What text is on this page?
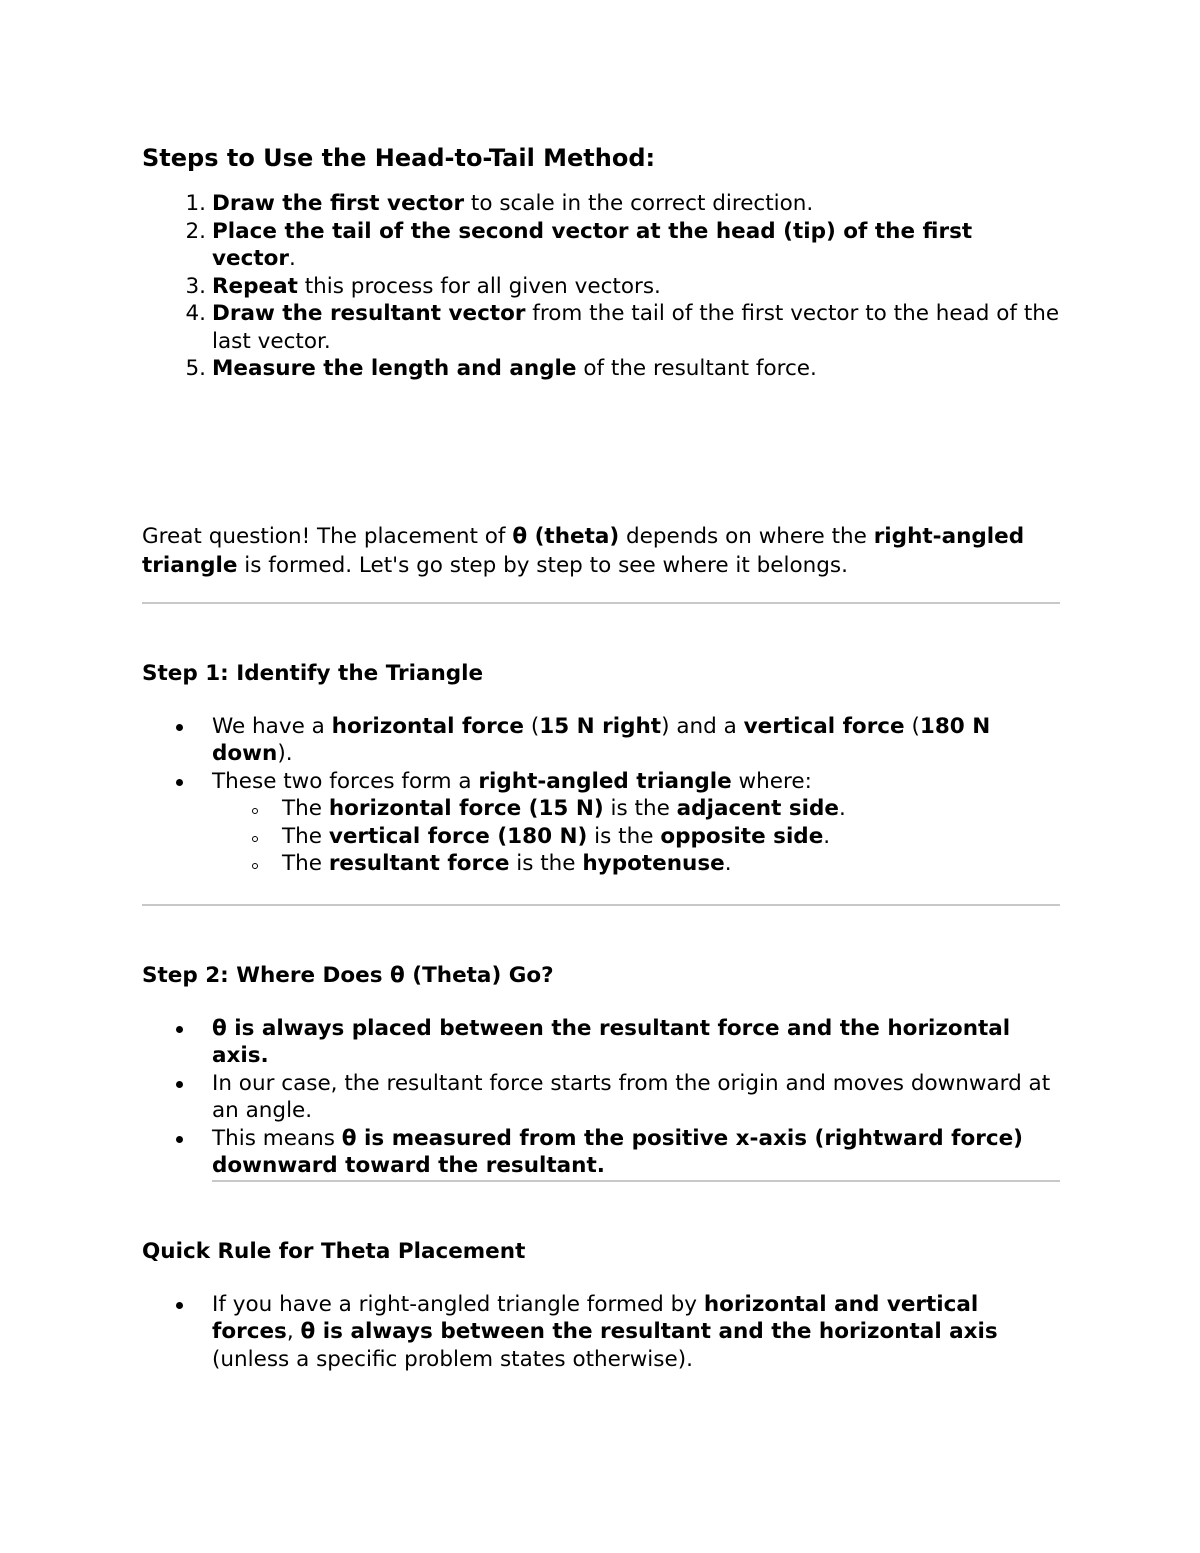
Steps to Use the Head-to-Tail Method:
1. Draw the first vector to scale in the correct direction.
2. Place the tail of the second vector at the head (tip) of the first vector.
3. Repeat this process for all given vectors.
4. Draw the resultant vector from the tail of the first vector to the head of the last vector.
5. Measure the length and angle of the resultant force.

Great question! The placement of θ (theta) depends on where the right-angled triangle is formed. Let's go step by step to see where it belongs.

Step 1: Identify the Triangle
We have a horizontal force (15 N right) and a vertical force (180 N down).
These two forces form a right-angled triangle where:
The horizontal force (15 N) is the adjacent side.
The vertical force (180 N) is the opposite side.
The resultant force is the hypotenuse.
Step 2: Where Does θ (Theta) Go?
θ is always placed between the resultant force and the horizontal axis.
In our case, the resultant force starts from the origin and moves downward at an angle.
This means θ is measured from the positive x-axis (rightward force) downward toward the resultant.
Quick Rule for Theta Placement
If you have a right-angled triangle formed by horizontal and vertical forces, θ is always between the resultant and the horizontal axis (unless a specific problem states otherwise).
